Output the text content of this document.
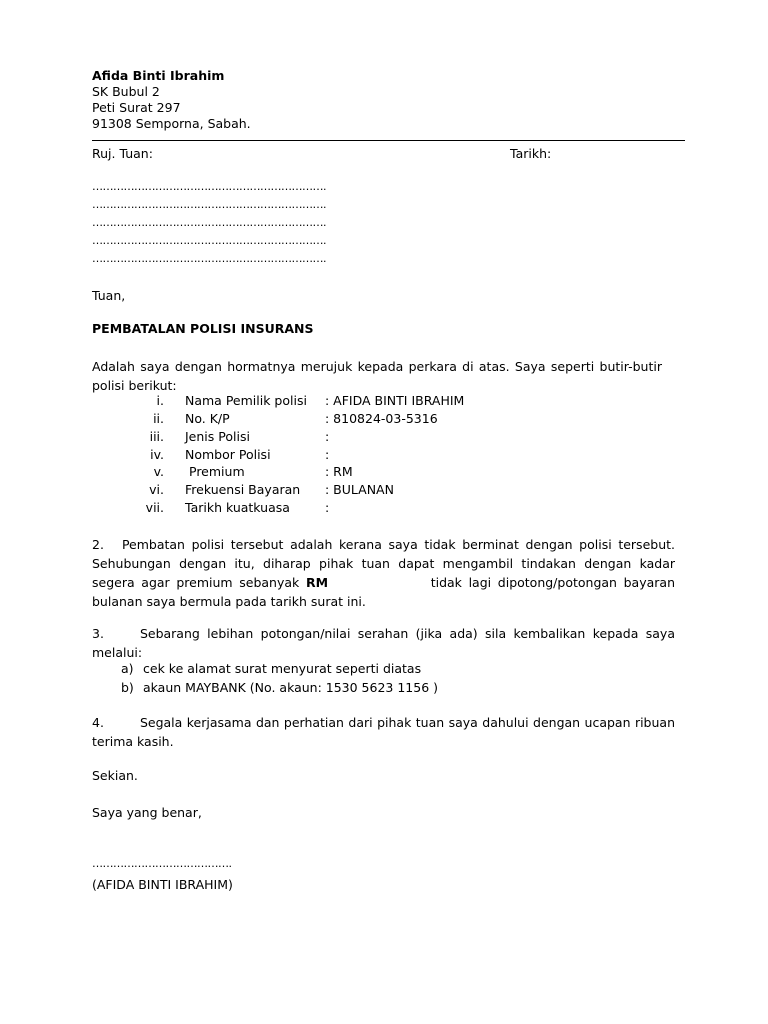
Afida Binti Ibrahim
SK Bubul 2
Peti Surat 297
91308 Semporna, Sabah.
Ruj. Tuan:	Tarikh:
………………………………………………………….
………………………………………………………….
………………………………………………………….
………………………………………………………….
………………………………………………………….
Tuan,
PEMBATALAN POLISI INSURANS
Adalah saya dengan hormatnya merujuk kepada perkara di atas. Saya seperti butir-butir polisi berikut:
i. Nama Pemilik polisi : AFIDA BINTI IBRAHIM
ii. No. K/P	: 810824-03-5316
iii. Jenis Polisi	:
iv. Nombor Polisi	:
v. Premium	: RM
vi. Frekuensi Bayaran : BULANAN
vii. Tarikh kuatkuasa	:
2. Pembatan polisi tersebut adalah kerana saya tidak berminat dengan polisi tersebut. Sehubungan dengan itu, diharap pihak tuan dapat mengambil tindakan dengan kadar segera agar premium sebanyak RM	tidak lagi dipotong/potongan bayaran bulanan saya bermula pada tarikh surat ini.
3.	Sebarang lebihan potongan/nilai serahan (jika ada) sila kembalikan kepada saya melalui:
a) cek ke alamat surat menyurat seperti diatas
b) akaun MAYBANK (No. akaun: 1530 5623 1156 )
4.	Segala kerjasama dan perhatian dari pihak tuan saya dahului dengan ucapan ribuan terima kasih.
Sekian.
Saya yang benar,
………………………………….
(AFIDA BINTI IBRAHIM)
